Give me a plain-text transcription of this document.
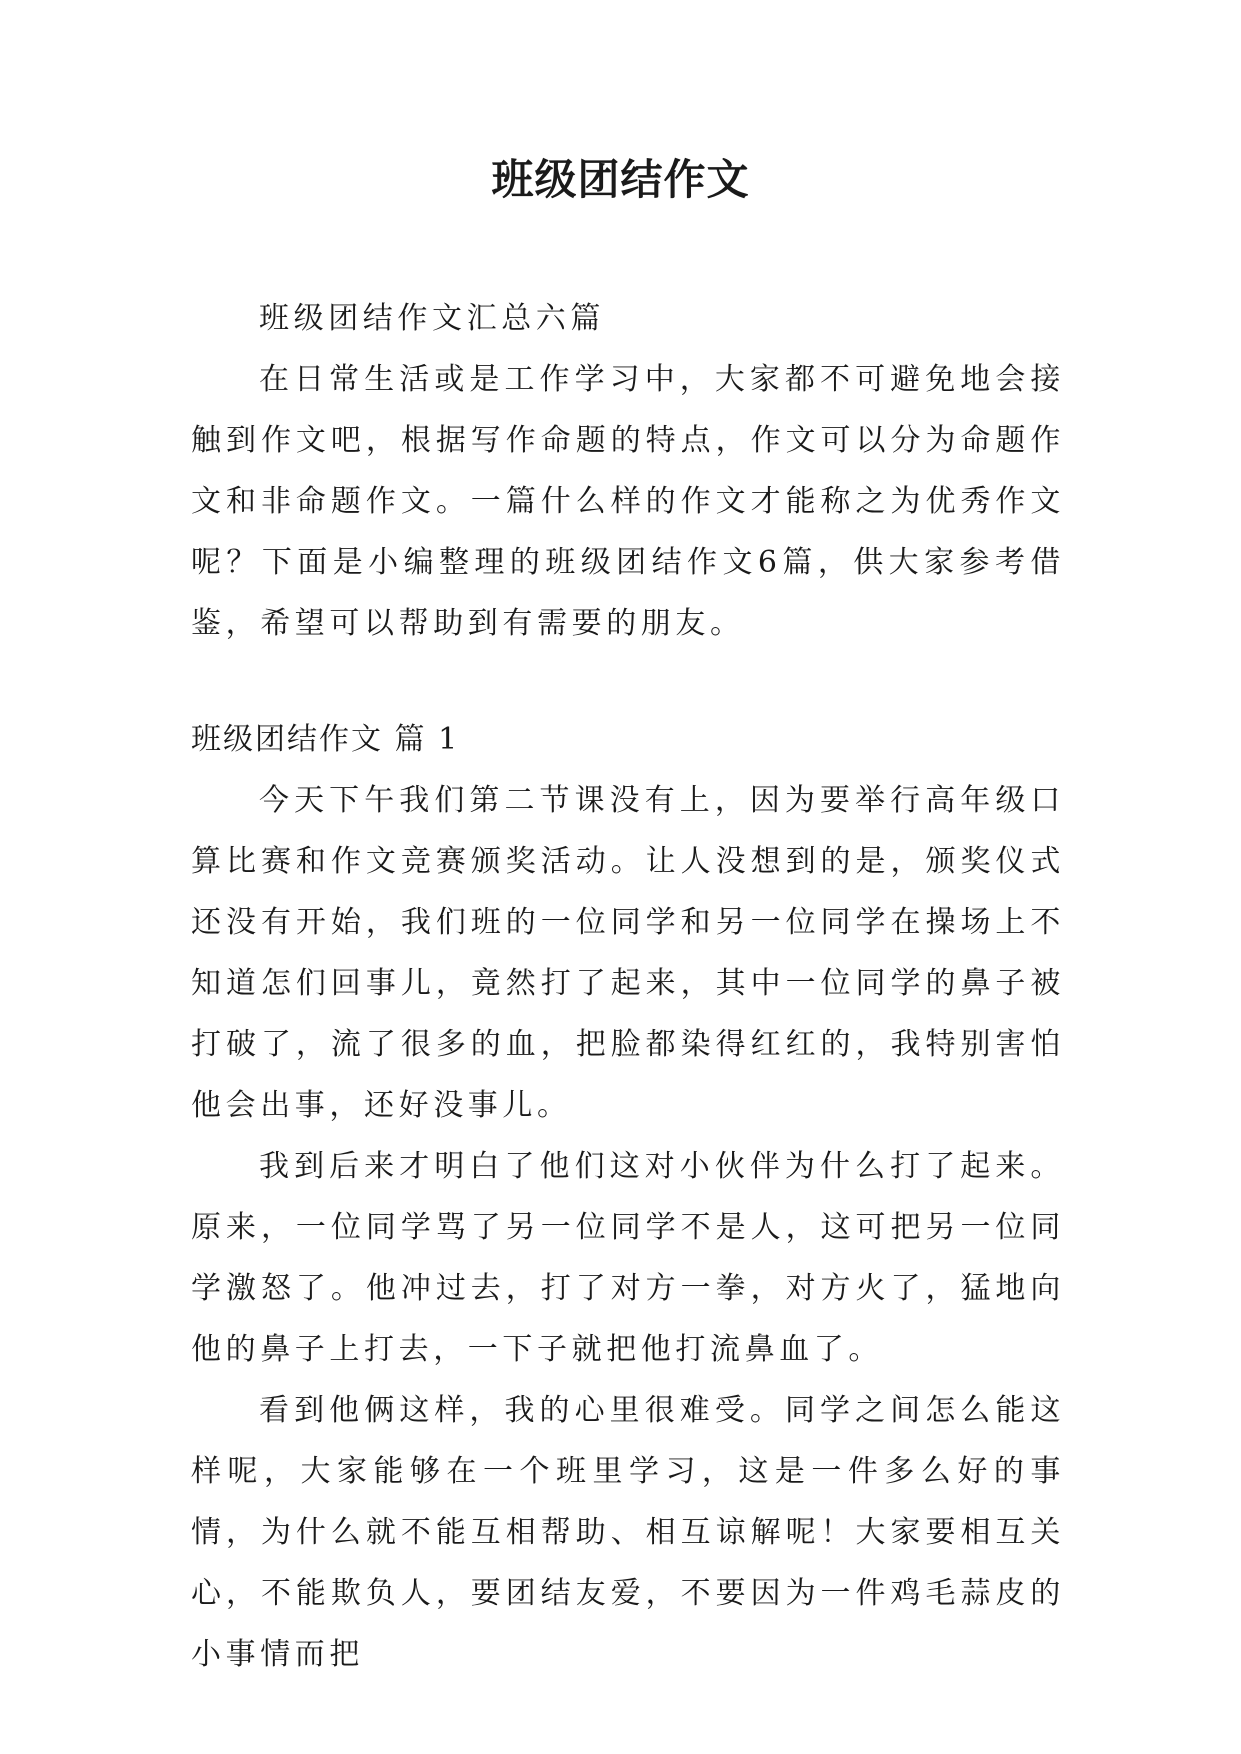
班级团结作文

班级团结作文汇总六篇

在日常生活或是工作学习中，大家都不可避免地会接触到作文吧，根据写作命题的特点，作文可以分为命题作文和非命题作文。一篇什么样的作文才能称之为优秀作文呢？下面是小编整理的班级团结作文6篇，供大家参考借鉴，希望可以帮助到有需要的朋友。

班级团结作文 篇 1

今天下午我们第二节课没有上，因为要举行高年级口算比赛和作文竞赛颁奖活动。让人没想到的是，颁奖仪式还没有开始，我们班的一位同学和另一位同学在操场上不知道怎们回事儿，竟然打了起来，其中一位同学的鼻子被打破了，流了很多的血，把脸都染得红红的，我特别害怕他会出事，还好没事儿。

我到后来才明白了他们这对小伙伴为什么打了起来。原来，一位同学骂了另一位同学不是人，这可把另一位同学激怒了。他冲过去，打了对方一拳，对方火了，猛地向他的鼻子上打去，一下子就把他打流鼻血了。

看到他俩这样，我的心里很难受。同学之间怎么能这样呢，大家能够在一个班里学习，这是一件多么好的事情，为什么就不能互相帮助、相互谅解呢！大家要相互关心，不能欺负人，要团结友爱，不要因为一件鸡毛蒜皮的小事情而把
